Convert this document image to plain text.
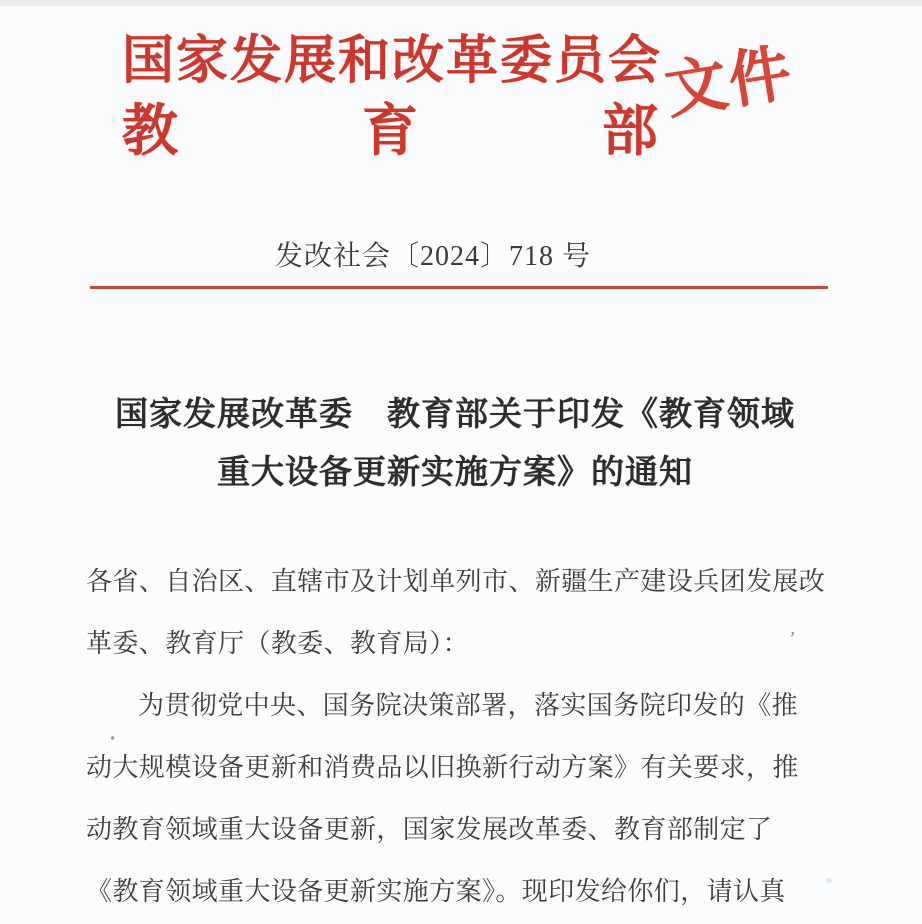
国家发展和改革委员会
教育部
文件
发改社会〔2024〕718 号
国家发展改革委　教育部关于印发《教育领域
重大设备更新实施方案》的通知
各省、自治区、直辖市及计划单列市、新疆生产建设兵团发展改
革委、教育厅（教委、教育局）：
为贯彻党中央、国务院决策部署，落实国务院印发的《推
动大规模设备更新和消费品以旧换新行动方案》有关要求，推
动教育领域重大设备更新，国家发展改革委、教育部制定了
《教育领域重大设备更新实施方案》。现印发给你们，请认真
’
